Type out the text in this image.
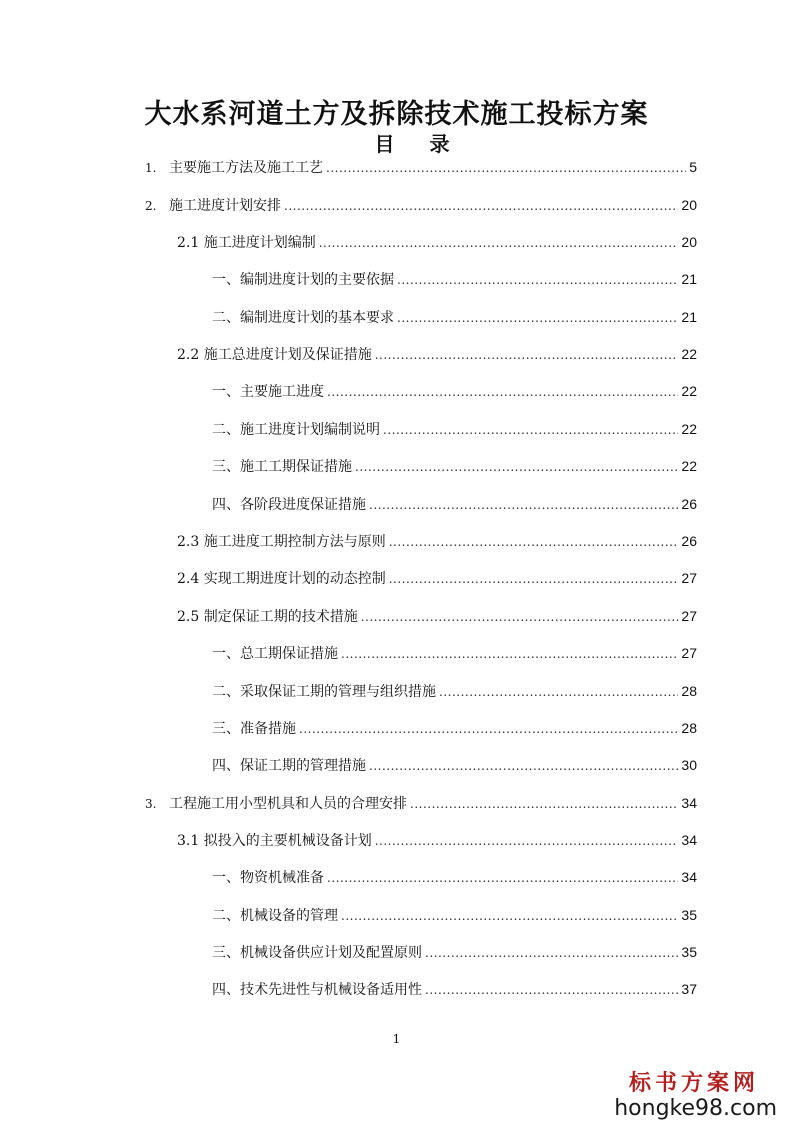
大水系河道土方及拆除技术施工投标方案
目 录
1. 主要施工方法及施工工艺 .....	5
2. 施工进度计划安排 .....	20
2.1 施工进度计划编制 .....	20
一、编制进度计划的主要依据 .....	21
二、编制进度计划的基本要求 .....	21
2.2 施工总进度计划及保证措施 .....	22
一、主要施工进度 .....	22
二、施工进度计划编制说明 .....	22
三、施工工期保证措施 .....	22
四、各阶段进度保证措施 .....	26
2.3 施工进度工期控制方法与原则 .....	26
2.4 实现工期进度计划的动态控制 .....	27
2.5 制定保证工期的技术措施 .....	27
一、总工期保证措施 .....	27
二、采取保证工期的管理与组织措施 .....	28
三、准备措施 .....	28
四、保证工期的管理措施 .....	30
3. 工程施工用小型机具和人员的合理安排 .....	34
3.1 拟投入的主要机械设备计划 .....	34
一、物资机械准备 .....	34
二、机械设备的管理 .....	35
三、机械设备供应计划及配置原则 .....	35
四、技术先进性与机械设备适用性 .....	37
1
标书方案网
hongke98.com
